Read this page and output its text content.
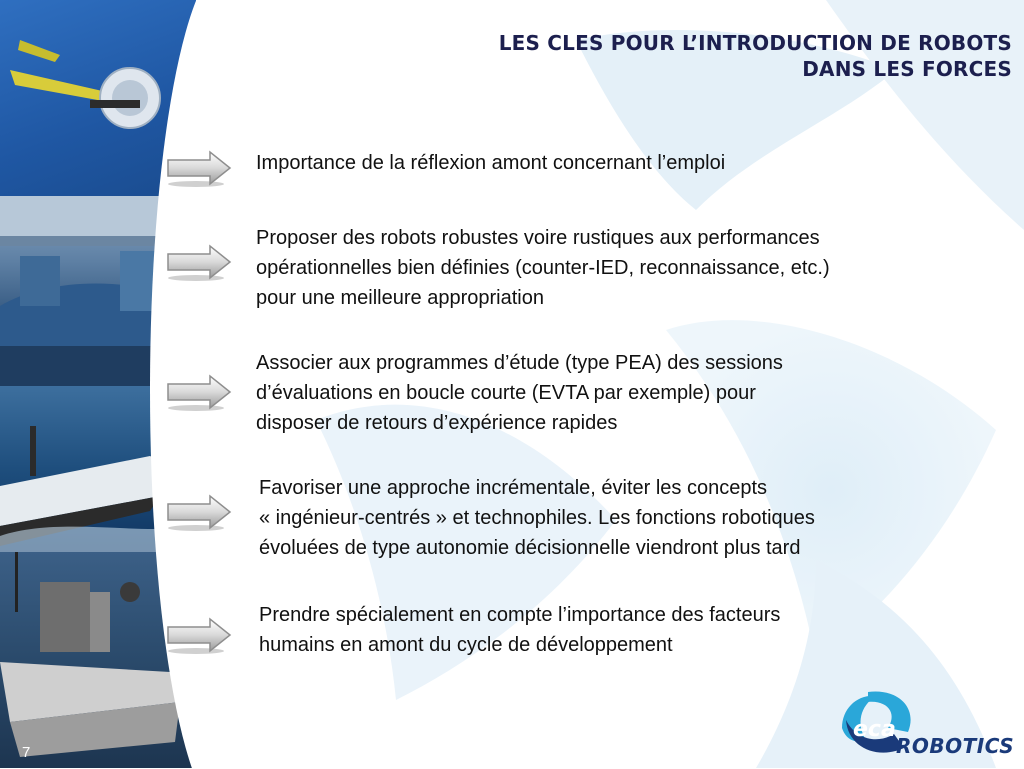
7
LES CLES POUR L’INTRODUCTION DE ROBOTS
DANS LES FORCES
Importance de la réflexion amont concernant l’emploi
Proposer des robots robustes voire rustiques aux performances
opérationnelles bien définies (counter-IED, reconnaissance, etc.)
pour une meilleure appropriation
Associer aux programmes d’étude (type PEA) des sessions
d’évaluations en boucle courte (EVTA par exemple) pour
disposer de retours d’expérience rapides
Favoriser une approche incrémentale, éviter les concepts
« ingénieur-centrés » et technophiles. Les fonctions robotiques
évoluées de type autonomie décisionnelle viendront plus tard
Prendre spécialement en compte l’importance des facteurs
humains en amont du cycle de développement
eca
ROBOTICS
